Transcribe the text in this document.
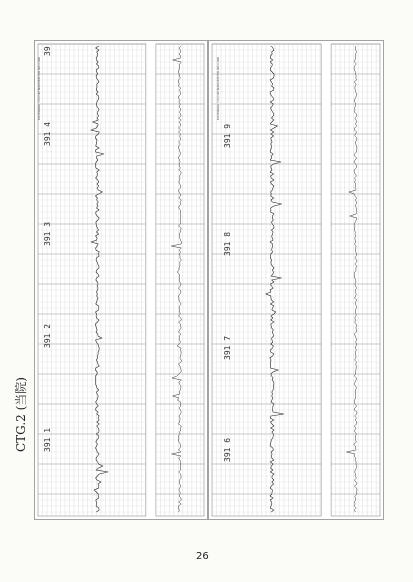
CTG.2 (当院)
39
391 4
391 3
391 2
391 1
391 9
391 8
391 7
391 6
MATERNAL TOCODYNAMOMETER RECORD	MATERNAL TOCODYNAMOMETER RECORD
26
